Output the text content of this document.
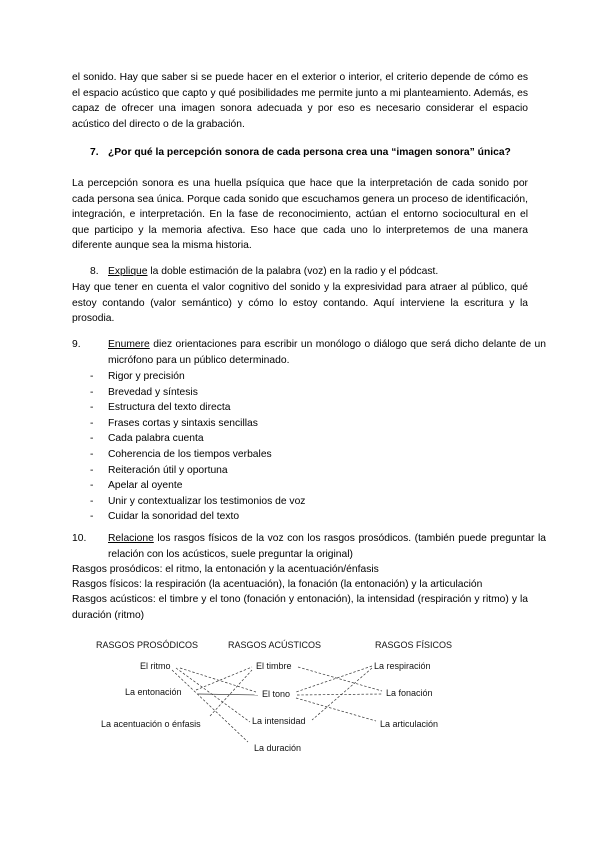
el sonido. Hay que saber si se puede hacer en el exterior o interior, el criterio depende de cómo es el espacio acústico que capto y qué posibilidades me permite junto a mi planteamiento. Además, es capaz de ofrecer una imagen sonora adecuada y por eso es necesario considerar el espacio acústico del directo o de la grabación.

7. ¿Por qué la percepción sonora de cada persona crea una “imagen sonora” única?

La percepción sonora es una huella psíquica que hace que la interpretación de cada sonido por cada persona sea única. Porque cada sonido que escuchamos genera un proceso de identificación, integración, e interpretación. En la fase de reconocimiento, actúan el entorno sociocultural en el que participo y la memoria afectiva. Eso hace que cada uno lo interpretemos de una manera diferente aunque sea la misma historia.

8. Explique la doble estimación de la palabra (voz) en la radio y el pódcast.

Hay que tener en cuenta el valor cognitivo del sonido y la expresividad para atraer al público, qué estoy contando (valor semántico) y cómo lo estoy contando. Aquí interviene la escritura y la prosodia.

9.	Enumere diez orientaciones para escribir un monólogo o diálogo que será dicho delante de un micrófono para un público determinado.

- Rigor y precisión
- Brevedad y síntesis
- Estructura del texto directa
- Frases cortas y sintaxis sencillas
- Cada palabra cuenta
- Coherencia de los tiempos verbales
- Reiteración útil y oportuna
- Apelar al oyente
- Unir y contextualizar los testimonios de voz
- Cuidar la sonoridad del texto

10. Relacione los rasgos físicos de la voz con los rasgos prosódicos. (también puede preguntar la relación con los acústicos, suele preguntar la original)

Rasgos prosódicos: el ritmo, la entonación y la acentuación/énfasis

Rasgos físicos: la respiración (la acentuación), la fonación (la entonación) y la articulación

Rasgos acústicos: el timbre y el tono (fonación y entonación), la intensidad (respiración y ritmo) y la duración (ritmo)

RASGOS PROSÓDICOS	RASGOS ACÚSTICOS	RASGOS FÍSICOS
El ritmo
La entonación
La acentuación o énfasis
El timbre
El tono
La intensidad
La duración
La respiración
La fonación
La articulación
